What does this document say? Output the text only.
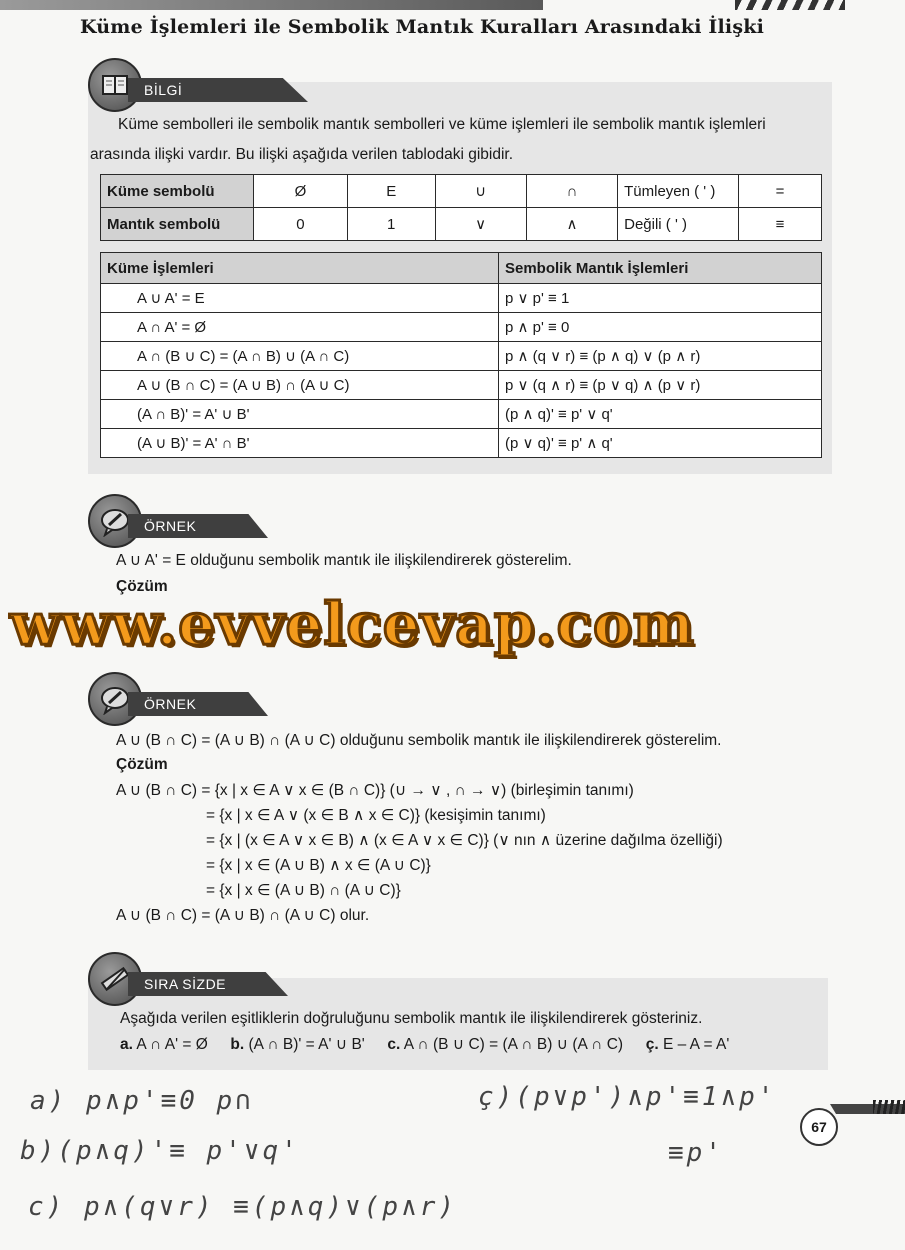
Küme İşlemleri ile Sembolik Mantık Kuralları Arasındaki İlişki
BİLGİ
Küme sembolleri ile sembolik mantık sembolleri ve küme işlemleri ile sembolik mantık işlemleri arasında ilişki vardır. Bu ilişki aşağıda verilen tablodaki gibidir.
Küme sembolü	Ø	E	∪	∩	Tümleyen ( ' )	=
Mantık sembolü	0	1	∨	∧	Değili ( ' )	≡
Küme İşlemleri	Sembolik Mantık İşlemleri
A ∪ A' = E	p ∨ p' ≡ 1
A ∩ A' = Ø	p ∧ p' ≡ 0
A ∩ (B ∪ C) = (A ∩ B) ∪ (A ∩ C)	p ∧ (q ∨ r) ≡ (p ∧ q) ∨ (p ∧ r)
A ∪ (B ∩ C) = (A ∪ B) ∩ (A ∪ C)	p ∨ (q ∧ r) ≡ (p ∨ q) ∧ (p ∨ r)
(A ∩ B)' = A' ∪ B'	(p ∧ q)' ≡ p' ∨ q'
(A ∪ B)' = A' ∩ B'	(p ∨ q)' ≡ p' ∧ q'
ÖRNEK
A ∪ A' = E olduğunu sembolik mantık ile ilişkilendirerek gösterelim.
Çözüm
www.evvelcevap.com
ÖRNEK
A ∪ (B ∩ C) = (A ∪ B) ∩ (A ∪ C) olduğunu sembolik mantık ile ilişkilendirerek gösterelim.
Çözüm
A ∪ (B ∩ C) = {x | x ∈ A ∨ x ∈ (B ∩ C)} (∪ → ∨ , ∩ → ∨) (birleşimin tanımı)
= {x | x ∈ A ∨ (x ∈ B ∧ x ∈ C)} (kesişimin tanımı)
= {x | (x ∈ A ∨ x ∈ B) ∧ (x ∈ A ∨ x ∈ C)} (∨ nın ∧ üzerine dağılma özelliği)
= {x | x ∈ (A ∪ B) ∧ x ∈ (A ∪ C)}
= {x | x ∈ (A ∪ B) ∩ (A ∪ C)}
A ∪ (B ∩ C) = (A ∪ B) ∩ (A ∪ C) olur.
SIRA SİZDE
Aşağıda verilen eşitliklerin doğruluğunu sembolik mantık ile ilişkilendirerek gösteriniz.
a. A ∩ A' = Ø b. (A ∩ B)' = A' ∪ B' c. A ∩ (B ∪ C) = (A ∩ B) ∪ (A ∩ C) ç. E – A = A'
a) p∧p'≡0 p∩
b)(p∧q)'≡ p'∨q'
c) p∧(q∨r) ≡(p∧q)∨(p∧r)
ç)(p∨p')∧p'≡1∧p'
≡p'
67
